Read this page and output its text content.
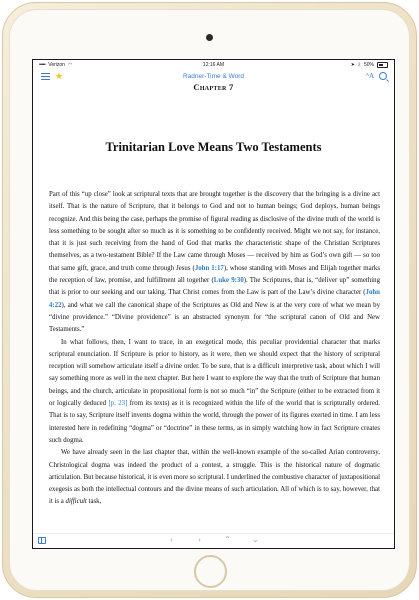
••••• Verizon ◠	12:16 AM	➤ ᛒ 50%
★	Radner-Time & Word	ᴬA
Chapter 7
Trinitarian Love Means Two Testaments

Part of this “up close” look at scriptural texts that are brought together is the discovery that the bringing is a divine act itself. That is the nature of Scripture, that it belongs to God and not to human beings; God deploys, human beings recognize. And this being the case, perhaps the promise of figural reading as disclosive of the divine truth of the world is less something to be sought after so much as it is something to be confidently received. Might we not say, for instance, that it is just such receiving from the hand of God that marks the characteristic shape of the Christian Scriptures themselves, as a two-testament Bible? If the Law came through Moses — received by him as God’s own gift — so too that same gift, grace, and truth come through Jesus (John 1:17), whose standing with Moses and Elijah together marks the reception of law, promise, and fulfillment all together (Luke 9:30). The Scriptures, that is, “deliver up” something that is prior to our seeking and our taking. That Christ comes from the Law is part of the Law’s divine character (John 4:22), and what we call the canonical shape of the Scriptures as Old and New is at the very core of what we mean by “divine providence.” “Divine providence” is an abstracted synonym for “the scriptural canon of Old and New Testaments.”

In what follows, then, I want to trace, in an exegetical mode, this peculiar providential character that marks scriptural enunciation. If Scripture is prior to history, as it were, then we should expect that the history of scriptural reception will somehow articulate itself a divine order. To be sure, that is a difficult interpretive task, about which I will say something more as well in the next chapter. But here I want to explore the way that the truth of Scripture that human beings, and the church, articulate in propositional form is not so much “in” the Scripture (either to be extracted from it or logically deduced [p. 23] from its texts) as it is recognized within the life of the world that is scripturally ordered. That is to say, Scripture itself invents dogma within the world, through the power of its figures exerted in time. I am less interested here in redefining “dogma” or “doctrine” in these terms, as in simply watching how in fact Scripture creates such dogma.

We have already seen in the last chapter that, within the well-known example of the so-called Arian controversy, Christological dogma was indeed the product of a contest, a struggle. This is the historical nature of dogmatic articulation. But because historical, it is even more so scriptural. I underlined the combustive character of juxtapositional exegesis as both the intellectual contours and the divine means of such articulation. All of which is to say, however, that it is a difficult task,

‹	›	⌃	⌄
